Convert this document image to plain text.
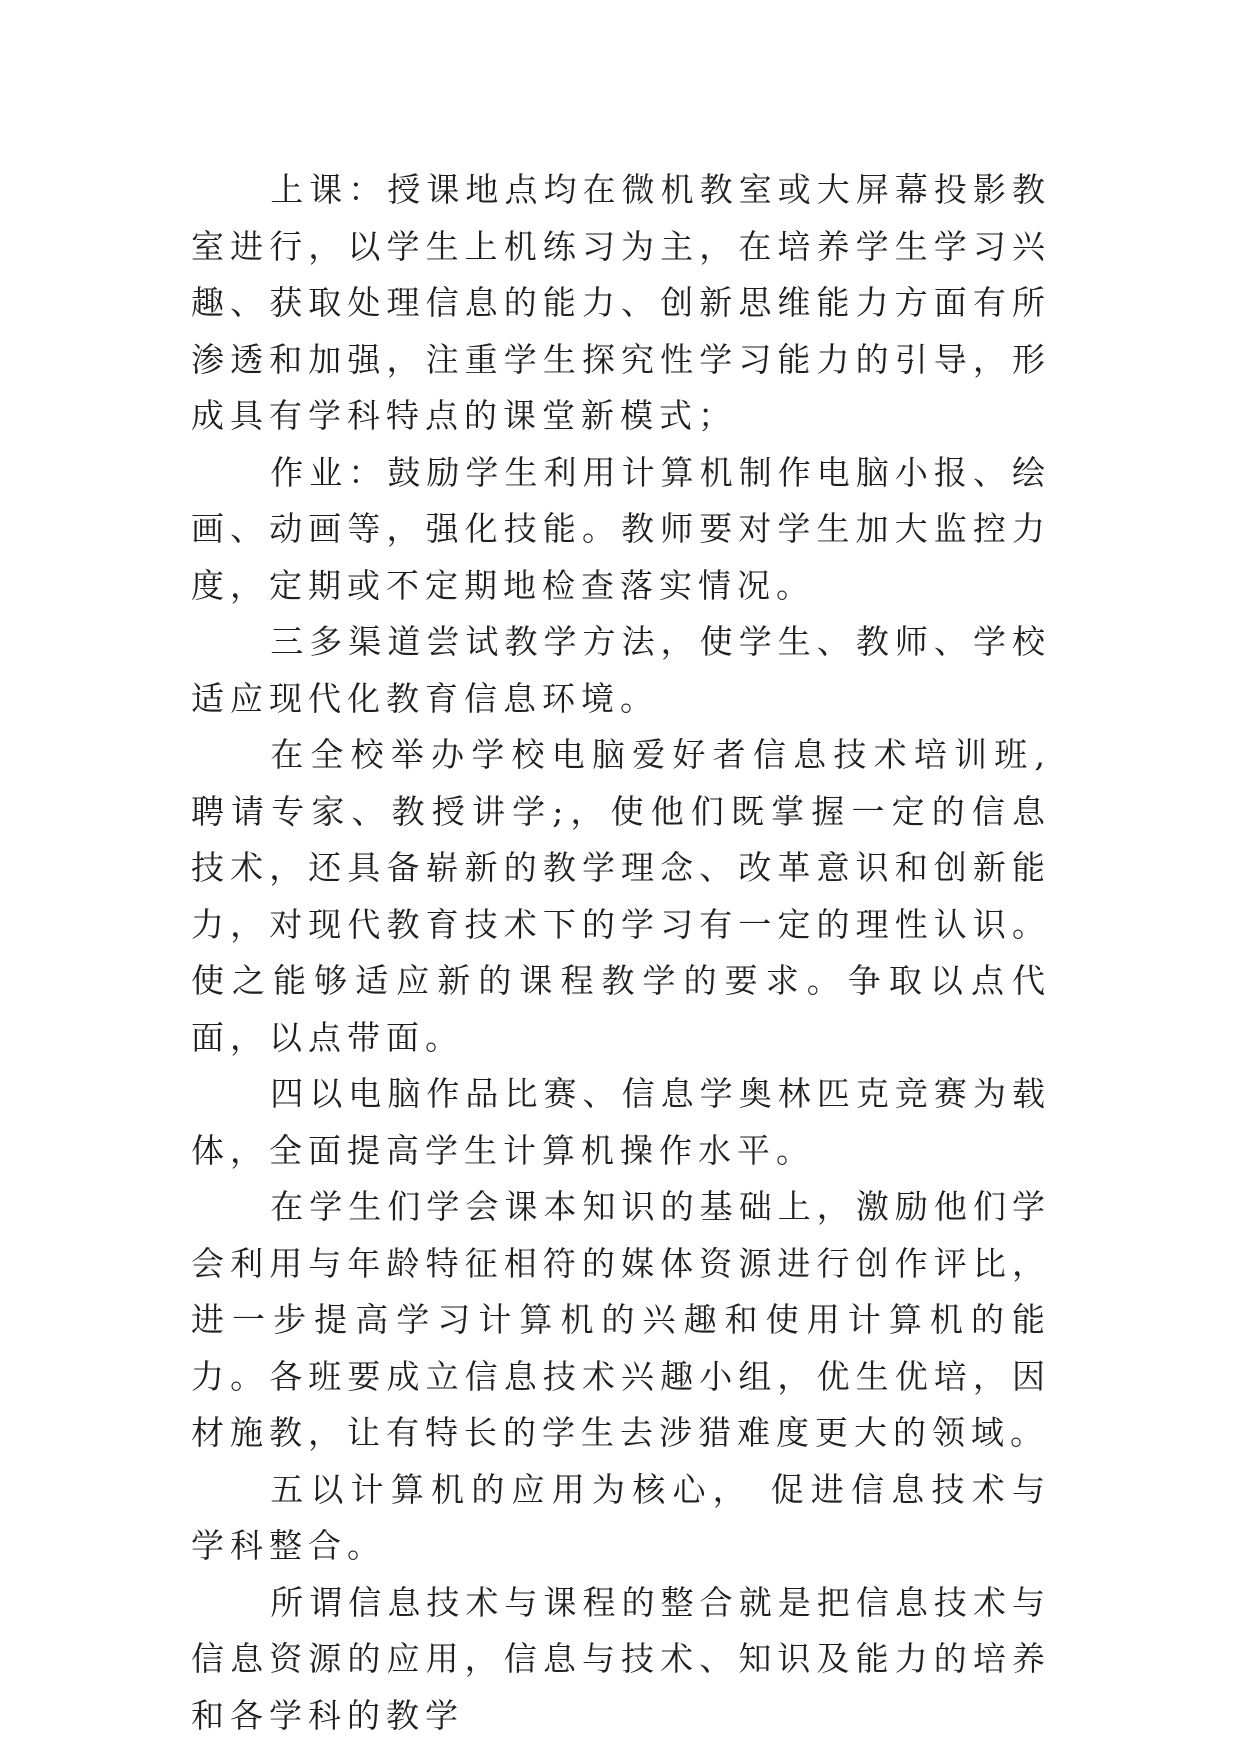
上课：授课地点均在微机教室或大屏幕投影教室进行，以学生上机练习为主，在培养学生学习兴趣、获取处理信息的能力、创新思维能力方面有所渗透和加强，注重学生探究性学习能力的引导，形成具有学科特点的课堂新模式；

作业：鼓励学生利用计算机制作电脑小报、绘画、动画等，强化技能。教师要对学生加大监控力度，定期或不定期地检查落实情况。

三多渠道尝试教学方法，使学生、教师、学校适应现代化教育信息环境。

在全校举办学校电脑爱好者信息技术培训班,聘请专家、教授讲学;，使他们既掌握一定的信息技术，还具备崭新的教学理念、改革意识和创新能力，对现代教育技术下的学习有一定的理性认识。使之能够适应新的课程教学的要求。争取以点代面，以点带面。

四以电脑作品比赛、信息学奥林匹克竞赛为载体，全面提高学生计算机操作水平。

在学生们学会课本知识的基础上，激励他们学会利用与年龄特征相符的媒体资源进行创作评比，进一步提高学习计算机的兴趣和使用计算机的能力。各班要成立信息技术兴趣小组，优生优培，因材施教，让有特长的学生去涉猎难度更大的领域。

五以计算机的应用为核心， 促进信息技术与学科整合。

所谓信息技术与课程的整合就是把信息技术与信息资源的应用，信息与技术、知识及能力的培养和各学科的教学
